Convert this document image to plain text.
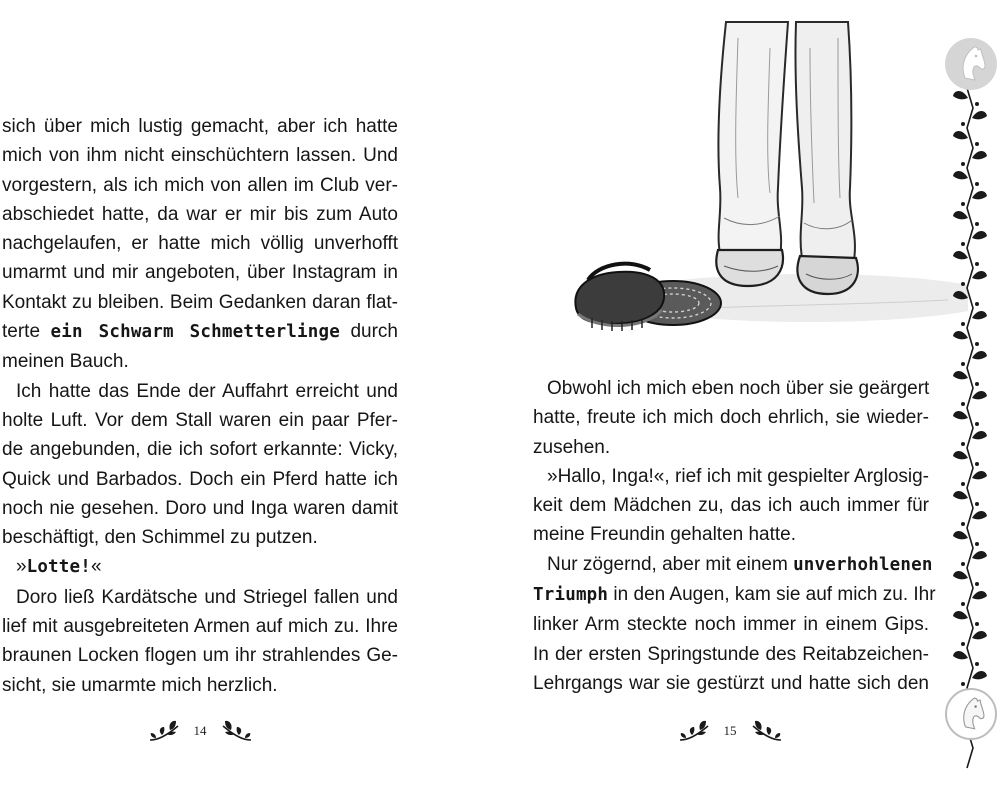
sich über mich lustig gemacht, aber ich hatte
mich von ihm nicht einschüchtern lassen. Und
vorgestern, als ich mich von allen im Club ver-
abschiedet hatte, da war er mir bis zum Auto
nachgelaufen, er hatte mich völlig unverhofft
umarmt und mir angeboten, über Instagram in
Kontakt zu bleiben. Beim Gedanken daran flat-
terte ein Schwarm Schmetterlinge durch
meinen Bauch.
Ich hatte das Ende der Auffahrt erreicht und
holte Luft. Vor dem Stall waren ein paar Pfer-
de angebunden, die ich sofort erkannte: Vicky,
Quick und Barbados. Doch ein Pferd hatte ich
noch nie gesehen. Doro und Inga waren damit
beschäftigt, den Schimmel zu putzen.
»Lotte!«
Doro ließ Kardätsche und Striegel fallen und
lief mit ausgebreiteten Armen auf mich zu. Ihre
braunen Locken flogen um ihr strahlendes Ge-
sicht, sie umarmte mich herzlich.
14
Obwohl ich mich eben noch über sie geärgert
hatte, freute ich mich doch ehrlich, sie wieder-
zusehen.
»Hallo, Inga!«, rief ich mit gespielter Arglosig-
keit dem Mädchen zu, das ich auch immer für
meine Freundin gehalten hatte.
Nur zögernd, aber mit einem unverhohlenen
Triumph in den Augen, kam sie auf mich zu. Ihr
linker Arm steckte noch immer in einem Gips.
In der ersten Springstunde des Reitabzeichen-
Lehrgangs war sie gestürzt und hatte sich den
15
